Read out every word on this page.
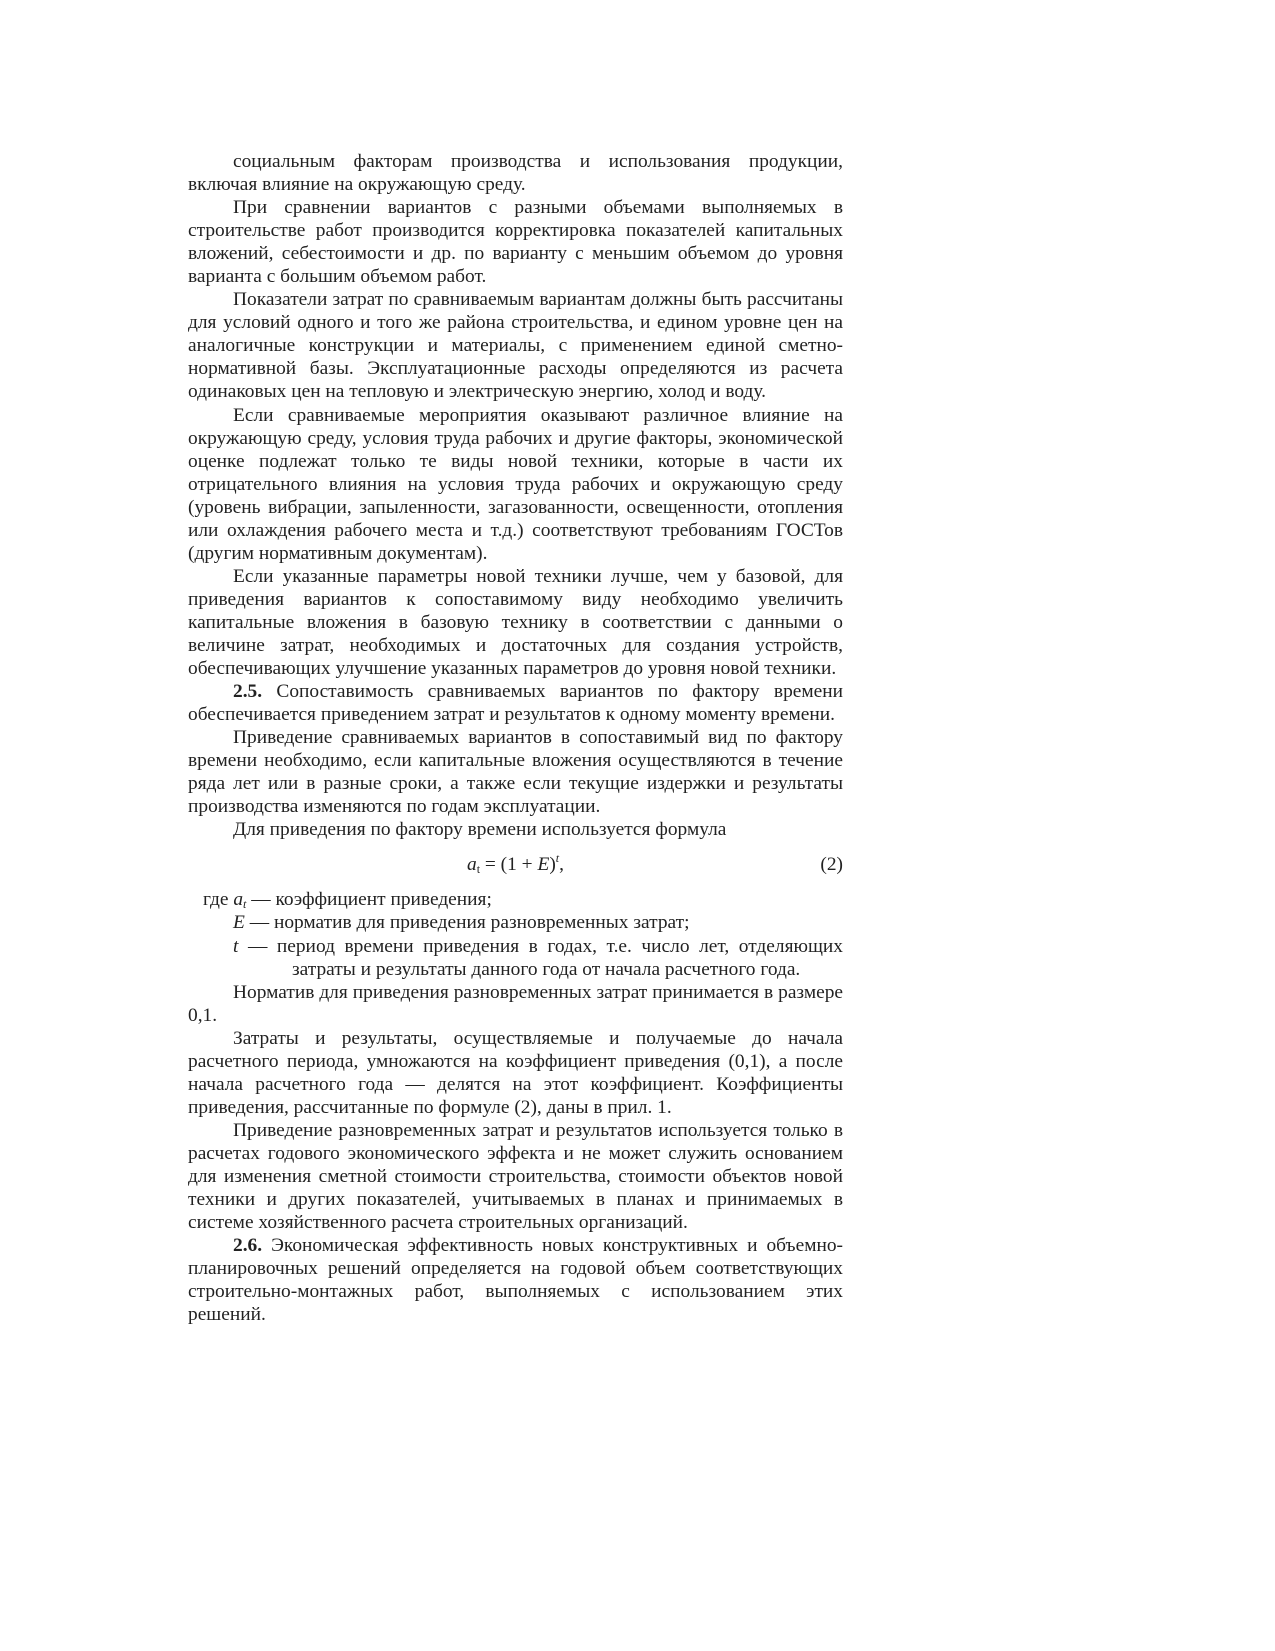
социальным факторам производства и использования продукции, включая влияние на окружающую среду.

При сравнении вариантов с разными объемами выполняемых в строительстве работ производится корректировка показателей капитальных вложений, себестоимости и др. по варианту с меньшим объемом до уровня варианта с большим объемом работ.

Показатели затрат по сравниваемым вариантам должны быть рассчитаны для условий одного и того же района строительства, и едином уровне цен на аналогичные конструкции и материалы, с применением единой сметно-нормативной базы. Эксплуатационные расходы определяются из расчета одинаковых цен на тепловую и электрическую энергию, холод и воду.

Если сравниваемые мероприятия оказывают различное влияние на окружающую среду, условия труда рабочих и другие факторы, экономической оценке подлежат только те виды новой техники, которые в части их отрицательного влияния на условия труда рабочих и окружающую среду (уровень вибрации, запыленности, загазованности, освещенности, отопления или охлаждения рабочего места и т.д.) соответствуют требованиям ГОСТов (другим нормативным документам).

Если указанные параметры новой техники лучше, чем у базовой, для приведения вариантов к сопоставимому виду необходимо увеличить капитальные вложения в базовую технику в соответствии с данными о величине затрат, необходимых и достаточных для создания устройств, обеспечивающих улучшение указанных параметров до уровня новой техники.

2.5. Сопоставимость сравниваемых вариантов по фактору времени обеспечивается приведением затрат и результатов к одному моменту времени.

Приведение сравниваемых вариантов в сопоставимый вид по фактору времени необходимо, если капитальные вложения осуществляются в течение ряда лет или в разные сроки, а также если текущие издержки и результаты производства изменяются по годам эксплуатации.

Для приведения по фактору времени используется формула

$a_t = (1 + E)^t$,	(2)

где $a_t$ — коэффициент приведения;

E — норматив для приведения разновременных затрат;

t — период времени приведения в годах, т.е. число лет, отделяющих затраты и результаты данного года от начала расчетного года.

Норматив для приведения разновременных затрат принимается в размере 0,1.

Затраты и результаты, осуществляемые и получаемые до начала расчетного периода, умножаются на коэффициент приведения (0,1), а после начала расчетного года — делятся на этот коэффициент. Коэффициенты приведения, рассчитанные по формуле (2), даны в прил. 1.

Приведение разновременных затрат и результатов используется только в расчетах годового экономического эффекта и не может служить основанием для изменения сметной стоимости строительства, стоимости объектов новой техники и других показателей, учитываемых в планах и принимаемых в системе хозяйственного расчета строительных организаций.

2.6. Экономическая эффективность новых конструктивных и объемно-планировочных решений определяется на годовой объем соответствующих строительно-монтажных работ, выполняемых с использованием этих решений.
